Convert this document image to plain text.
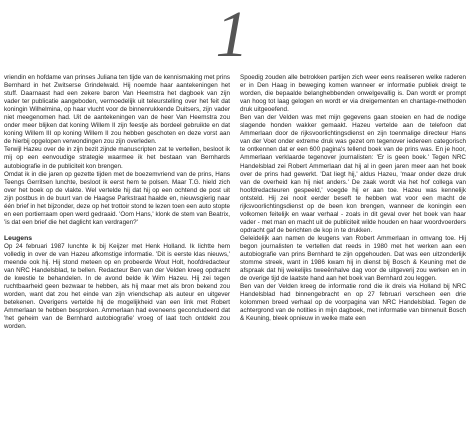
1

vriendin en hofdame van prinses Juliana ten tijde van de kennismaking met prins Bernhard in het Zwitserse Grindelwald. Hij noemde haar aantekeningen het stuff. Daarnaast had een zekere baron Van Heemstra het dagboek van zijn vader ter publicatie aangeboden, vermoedelijk uit teleurstelling over het feit dat koningin Wilhelmina, op haar vlucht voor de binnenrukkende Duitsers, zijn vader niet meegenomen had. Uit de aantekeningen van de heer Van Heemstra zou onder meer blijken dat koning Willem II zijn feestje als bordeel gebruikte en dat koning Willem III op koning Willem II zou hebben geschoten en deze vorst aan de hierbij opgelopen verwondingen zou zijn overleden.

Terwijl Hazeu over de in zijn bezit zijnde manuscripten zat te vertellen, besloot ik mij op een eenvoudige strategie waarmee ik het bestaan van Bernhards autobiografie in de publiciteit kon brengen.

Omdat ik in die jaren op gezette tijden met de boezemvriend van de prins, Hans Teengs Gerritsen lunchte, besloot ik eerst hem te polsen. Maar T.G. hield zich over het boek op de vlakte. Wel vertelde hij dat hij op een ochtend de post uit zijn postbus in de buurt van de Haagse Parkstraat haalde en, nieuwsgierig naar één brief in het bijzonder, deze op het trottoir stond te lezen toen een auto stopte en een portierraam open werd gedraaid. 'Oom Hans,' klonk de stem van Beatrix, 'is dat een brief die het daglicht kan verdragen?'

Leugens

Op 24 februari 1987 lunchte ik bij Keijzer met Henk Holland. Ik lichtte hem volledig in over de van Hazeu afkomstige informatie. 'Dit is eerste klas nieuws,' meende ook hij. Hij stond meteen op en probeerde Wout Holt, hoofdredacteur van NRC Handelsblad, te bellen. Redacteur Ben van der Velden kreeg opdracht de kwestie te behandelen. In de avond belde ik Wim Hazeu. Hij zei tegen ruchtbaarheid geen bezwaar te hebben, als hij maar met als bron bekend zou worden, want dat zou het einde van zijn vriendschap als auteur en uitgever betekenen. Overigens vertelde hij de mogelijkheid van een link met Robert Ammerlaan te hebben besproken. Ammerlaan had eveneens geconcludeerd dat 'het geheim van de Bernhard autobiografie' vroeg of laat toch ontdekt zou worden.

Spoedig zouden alle betrokken partijen zich weer eens realiseren welke raderen er in Den Haag in beweging komen wanneer er informatie publiek dreigt te worden, die bepaalde belanghebbenden onwelgevallig is. Dan wordt er prompt van hoog tot laag gelogen en wordt er via dreigementen en chantage-methoden druk uitgeoefend.

Ben van der Velden was met mijn gegevens gaan stoeien en had de nodige slagende honden wakker gemaakt. Hazeu vertelde aan de telefoon dat Ammerlaan door de rijksvoorlichtingsdienst en zijn toenmalige directeur Hans van der Voet onder extreme druk was gezet om tegenover iedereen categorisch te ontkennen dat er een 600 pagina's tellend boek van de prins was. En je hoor, Ammerlaan verklaarde tegenover journalisten: 'Er is geen boek.' Tegen NRC Handelsblad zei Robert Ammerlaan dat hij al in geen jaren meer aan het boek over de prins had gewerkt. 'Dat liegt hij,' aldus Hazeu, 'maar onder deze druk van de overheid kan hij niet anders.' De zaak wordt via het hof collega van hoofdredacteuren gespeeld,' voegde hij er aan toe. Hazeu was kennelijk ontsteld. Hij zei nooit eerder beseft te hebben wat voor een macht de rijksvoorlichtingsdienst op de been kon brengen, wanneer de koningin een volkomen feitelijk en waar verhaal - zoals in dit geval over het boek van haar vader - met man en macht uit de publiciteit wilde houden en haar woordvoerders opdracht gaf de berichten de kop in te drukken.

Geleidelijk aan namen de leugens van Robert Ammerlaan in omvang toe. Hij begon journalisten te vertellen dat reeds in 1980 met het werken aan een autobiografie van prins Bernhard te zijn opgehouden. Dat was een uitzonderlijk stomme streek, want in 1986 kwam hij in dienst bij Bosch & Keuning met de afspraak dat hij wekelijks tweeënhalve dag voor de uitgeverij zou werken en in de overige tijd de laatste hand aan het boek van Bernhard zou leggen.

Ben van der Velden kreeg de informatie rond die ik dreis via Holland bij NRC Handelsblad had binnengebracht en op 27 februari verscheen een drie kolommen breed verhaal op de voorpagina van NRC Handelsblad. Tegen de achtergrond van de notities in mijn dagboek, met informatie van binnenuit Bosch & Keuning, bleek opnieuw in welke mate een
